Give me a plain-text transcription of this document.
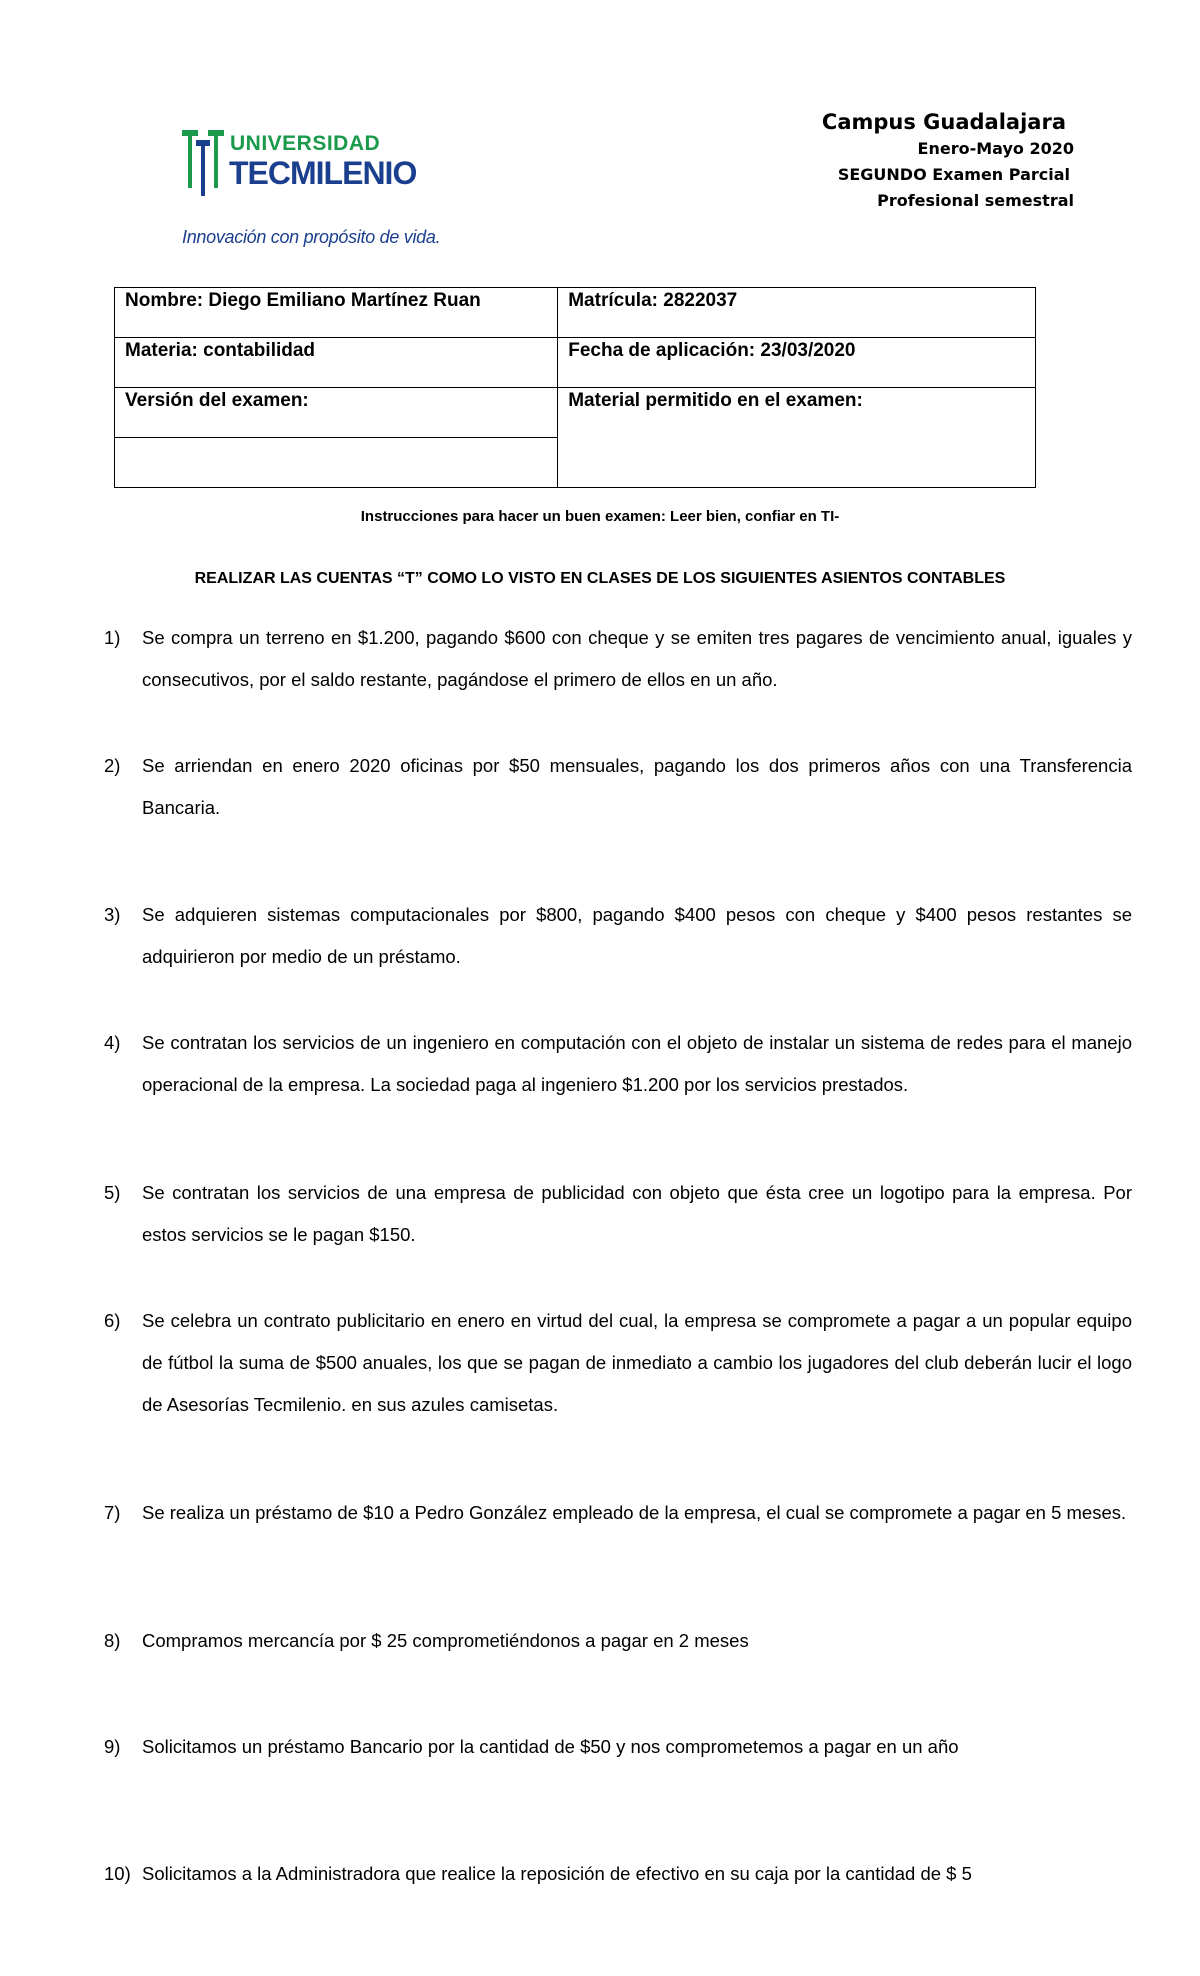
UNIVERSIDAD
TECMILENIO
Innovación con propósito de vida.
Campus Guadalajara
Enero-Mayo 2020
SEGUNDO Examen Parcial
Profesional semestral
Nombre: Diego Emiliano Martínez Ruan	Matrícula: 2822037
Materia: contabilidad	Fecha de aplicación: 23/03/2020
Versión del examen:	Material permitido en el examen:

Instrucciones para hacer un buen examen: Leer bien, confiar en TI-
REALIZAR LAS CUENTAS “T” COMO LO VISTO EN CLASES DE LOS SIGUIENTES ASIENTOS CONTABLES
1) Se compra un terreno en $1.200, pagando $600 con cheque y se emiten tres pagares de vencimiento anual, iguales y consecutivos, por el saldo restante, pagándose el primero de ellos en un año.
2) Se arriendan en enero 2020 oficinas por $50 mensuales, pagando los dos primeros años con una Transferencia Bancaria.
3) Se adquieren sistemas computacionales por $800, pagando $400 pesos con cheque y $400 pesos restantes se adquirieron por medio de un préstamo.
4) Se contratan los servicios de un ingeniero en computación con el objeto de instalar un sistema de redes para el manejo operacional de la empresa. La sociedad paga al ingeniero $1.200 por los servicios prestados.
5) Se contratan los servicios de una empresa de publicidad con objeto que ésta cree un logotipo para la empresa. Por estos servicios se le pagan $150.
6) Se celebra un contrato publicitario en enero en virtud del cual, la empresa se compromete a pagar a un popular equipo de fútbol la suma de $500 anuales, los que se pagan de inmediato a cambio los jugadores del club deberán lucir el logo de Asesorías Tecmilenio. en sus azules camisetas.
7) Se realiza un préstamo de $10 a Pedro González empleado de la empresa, el cual se compromete a pagar en 5 meses.
8) Compramos mercancía por $ 25 comprometiéndonos a pagar en 2 meses
9) Solicitamos un préstamo Bancario por la cantidad de $50 y nos comprometemos a pagar en un año
10) Solicitamos a la Administradora que realice la reposición de efectivo en su caja por la cantidad de $ 5
